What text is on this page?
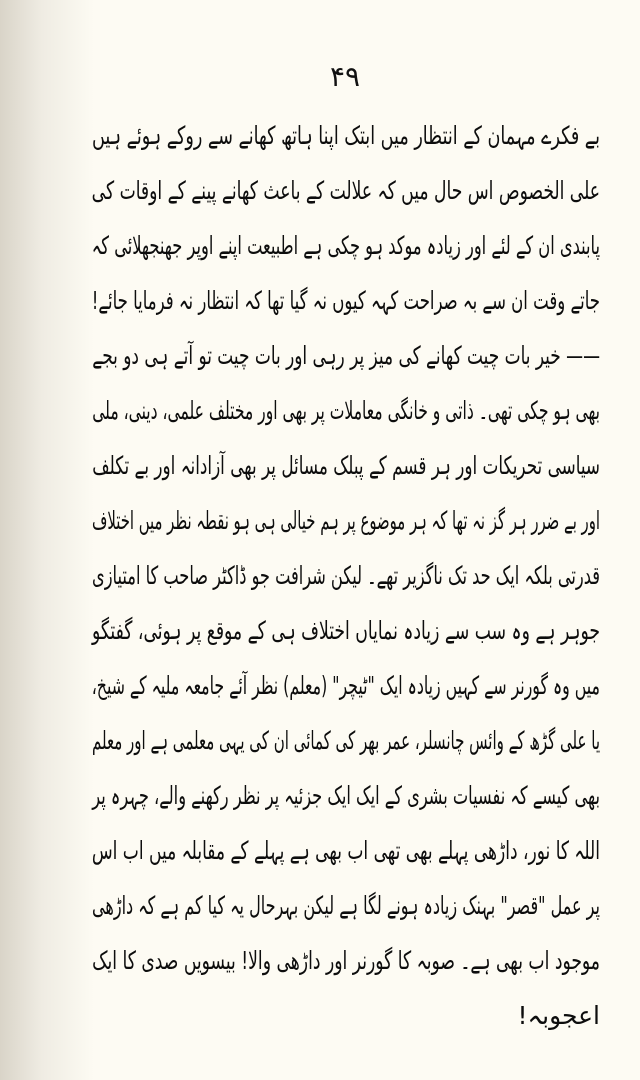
۴۹
بے فکرے مہمان کے انتظار میں ابتک اپنا ہاتھ کھانے سے روکے ہوئے ہیں
علی الخصوص اس حال میں کہ علالت کے باعث کھانے پینے کے اوقات کی
پابندی ان کے لئے اور زیادہ موکد ہو چکی ہے اطبیعت اپنے اوپر جھنجھلائی کہ
جاتے وقت ان سے بہ صراحت کہہ کیوں نہ گیا تھا کہ انتظار نہ فرمایا جائے!
—— خیر بات چیت کھانے کی میز پر رہی اور بات چیت تو آتے ہی دو بجے
بھی ہو چکی تھی۔ ذاتی و خانگی معاملات پر بھی اور مختلف علمی، دینی، ملی
سیاسی تحریکات اور ہر قسم کے پبلک مسائل پر بھی آزادانہ اور بے تکلف
اور بے ضرر ہر گز نہ تھا کہ ہر موضوع پر ہم خیالی ہی ہو نقطہ نظر میں اختلاف
قدرتی بلکہ ایک حد تک ناگزیر تھے۔ لیکن شرافت جو ڈاکٹر صاحب کا امتیازی
جوہر ہے وہ سب سے زیادہ نمایاں اختلاف ہی کے موقع پر ہوئی، گفتگو
میں وہ گورنر سے کہیں زیادہ ایک "ٹیچر" (معلم) نظر آئے جامعہ ملیہ کے شیخ،
یا علی گڑھ کے وائس چانسلر، عمر بھر کی کمائی ان کی یہی معلمی ہے اور معلم
بھی کیسے کہ نفسیات بشری کے ایک ایک جزئیہ پر نظر رکھنے والے، چہرہ پر
اللہ کا نور، داڑھی پہلے بھی تھی اب بھی ہے پہلے کے مقابلہ میں اب اس
پر عمل "قصر" بہنک زیادہ ہونے لگا ہے لیکن بہرحال یہ کیا کم ہے کہ داڑھی
موجود اب بھی ہے۔ صوبہ کا گورنر اور داڑھی والا! بیسویں صدی کا ایک
اعجوبہ!
